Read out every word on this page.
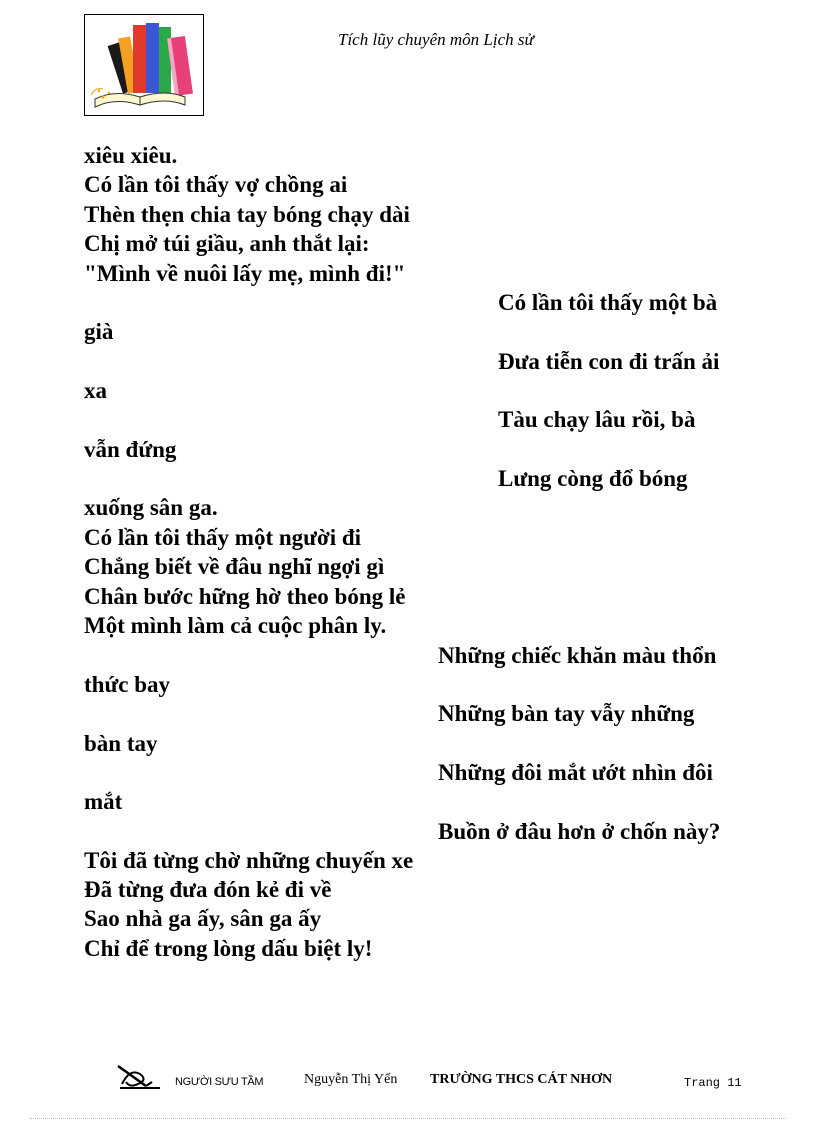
Tích lũy chuyên môn Lịch sử
xiêu xiêu.
Có lần tôi thấy vợ chồng ai
Thèn thẹn chia tay bóng chạy dài
Chị mở túi giầu, anh thắt lại:
"Mình về nuôi lấy mẹ, mình đi!"
Có lần tôi thấy một bà
già
Đưa tiễn con đi trấn ải
xa
Tàu chạy lâu rồi, bà
vẫn đứng
Lưng còng đổ bóng
xuống sân ga.
Có lần tôi thấy một người đi
Chẳng biết về đâu nghĩ ngợi gì
Chân bước hững hờ theo bóng lẻ
Một mình làm cả cuộc phân ly.
Những chiếc khăn màu thổn
thức bay
Những bàn tay vẫy những
bàn tay
Những đôi mắt ướt nhìn đôi
mắt
Buồn ở đâu hơn ở chốn này?
Tôi đã từng chờ những chuyến xe
Đã từng đưa đón kẻ đi về
Sao nhà ga ấy, sân ga ấy
Chỉ để trong lòng dấu biệt ly!
NGƯỜI SƯU TẦM	Nguyễn Thị Yến TRƯỜNG THCS CÁT NHƠN	Trang 11
